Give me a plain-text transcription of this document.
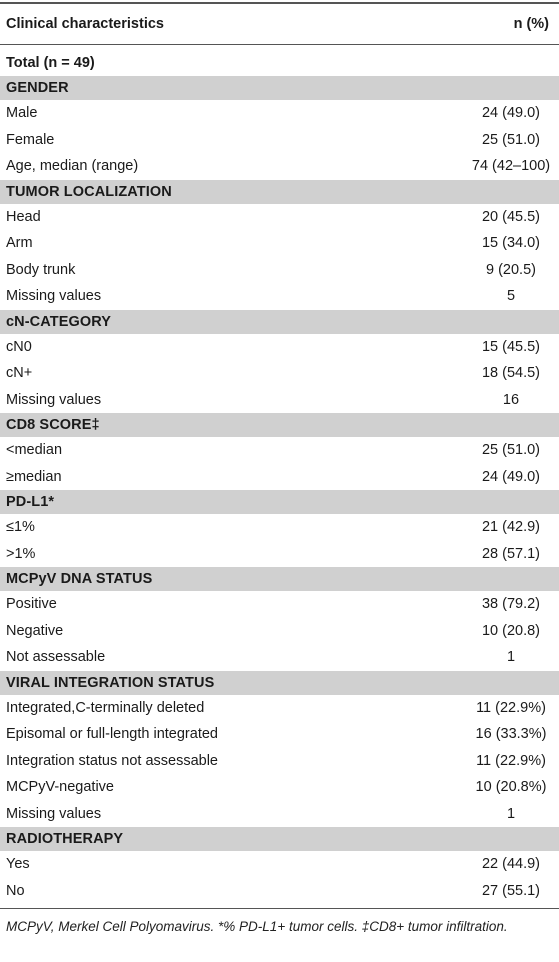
Clinical characteristics	n (%)
Total (n = 49)
GENDER
Male	24 (49.0)
Female	25 (51.0)
Age, median (range)	74 (42–100)
TUMOR LOCALIZATION
Head	20 (45.5)
Arm	15 (34.0)
Body trunk	9 (20.5)
Missing values	5
cN-CATEGORY
cN0	15 (45.5)
cN+	18 (54.5)
Missing values	16
CD8 SCORE‡
<median	25 (51.0)
≥median	24 (49.0)
PD-L1*
≤1%	21 (42.9)
>1%	28 (57.1)
MCPyV DNA STATUS
Positive	38 (79.2)
Negative	10 (20.8)
Not assessable	1
VIRAL INTEGRATION STATUS
Integrated,C-terminally deleted	11 (22.9%)
Episomal or full-length integrated	16 (33.3%)
Integration status not assessable	11 (22.9%)
MCPyV-negative	10 (20.8%)
Missing values	1
RADIOTHERAPY
Yes	22 (44.9)
No	27 (55.1)
MCPyV, Merkel Cell Polyomavirus. *% PD-L1+ tumor cells. ‡CD8+ tumor infiltration.
